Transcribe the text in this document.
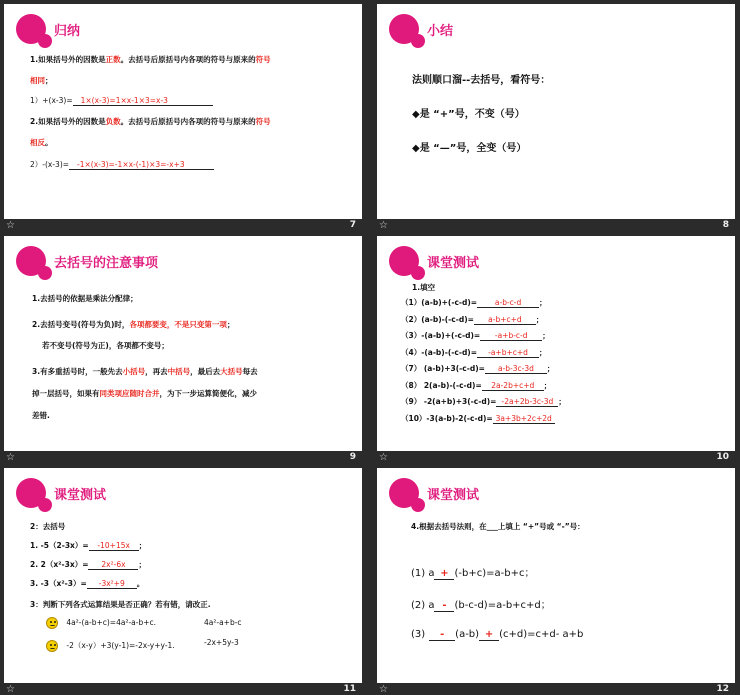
归纳
1.如果括号外的因数是正数。去括号后原括号内各项的符号与原来的符号
相同；
1）+(x-3)= 1×(x-3)=1×x-1×3=x-3
2.如果括号外的因数是负数。去括号后原括号内各项的符号与原来的符号
相反。
2）-(x-3)= -1×(x-3)=-1×x-(-1)×3=-x+3
☆	7
小结
法则顺口溜--去括号，看符号：
◆是 “+”号，不变（号）
◆是 “—”号，全变（号）
☆	8
去括号的注意事项
1.去括号的依据是乘法分配律；
2.去括号变号(符号为负)时，各项都要变，不是只变第一项；
若不变号(符号为正)，各项都不变号；
3.有多重括号时，一般先去小括号，再去中括号，最后去大括号每去
掉一层括号，如果有同类项应随时合并，为下一步运算简便化，减少
差错.
☆	9
课堂测试
1.填空
（1）(a-b)+(-c-d)= a-b-c-d ；
（2）(a-b)-(-c-d)= a-b+c+d ；
（3）-(a-b)+(-c-d)= -a+b-c-d ；
（4）-(a-b)-(-c-d)= -a+b+c+d ；
（7） (a-b)+3(-c-d)= a-b-3c-3d ；
（8） 2(a-b)-(-c-d)= 2a-2b+c+d ；
（9） -2(a+b)+3(-c-d)= -2a+2b-3c-3d ；
（10）-3(a-b)-2(-c-d)= 3a+3b+2c+2d
☆	10
课堂测试
2：去括号
1. -5（2-3x）= -10+15x ；
2. 2（x²-3x）= 2x²-6x ；
3. -3（x²-3）= -3x²+9 。
3：判断下列各式运算结果是否正确？若有错，请改正.
4a²-(a-b+c)=4a²-a-b+c.	4a²-a+b-c
-2（x-y）+3(y-1)=-2x-y+y-1.	-2x+5y-3
☆	11
课堂测试
4.根据去括号法则，在___上填上 “+”号或 “-”号：
(1) a + (-b+c)=a-b+c；
(2) a - (b-c-d)=a-b+c+d；
(3) - (a-b) + (c+d)=c+d- a+b
☆	12
